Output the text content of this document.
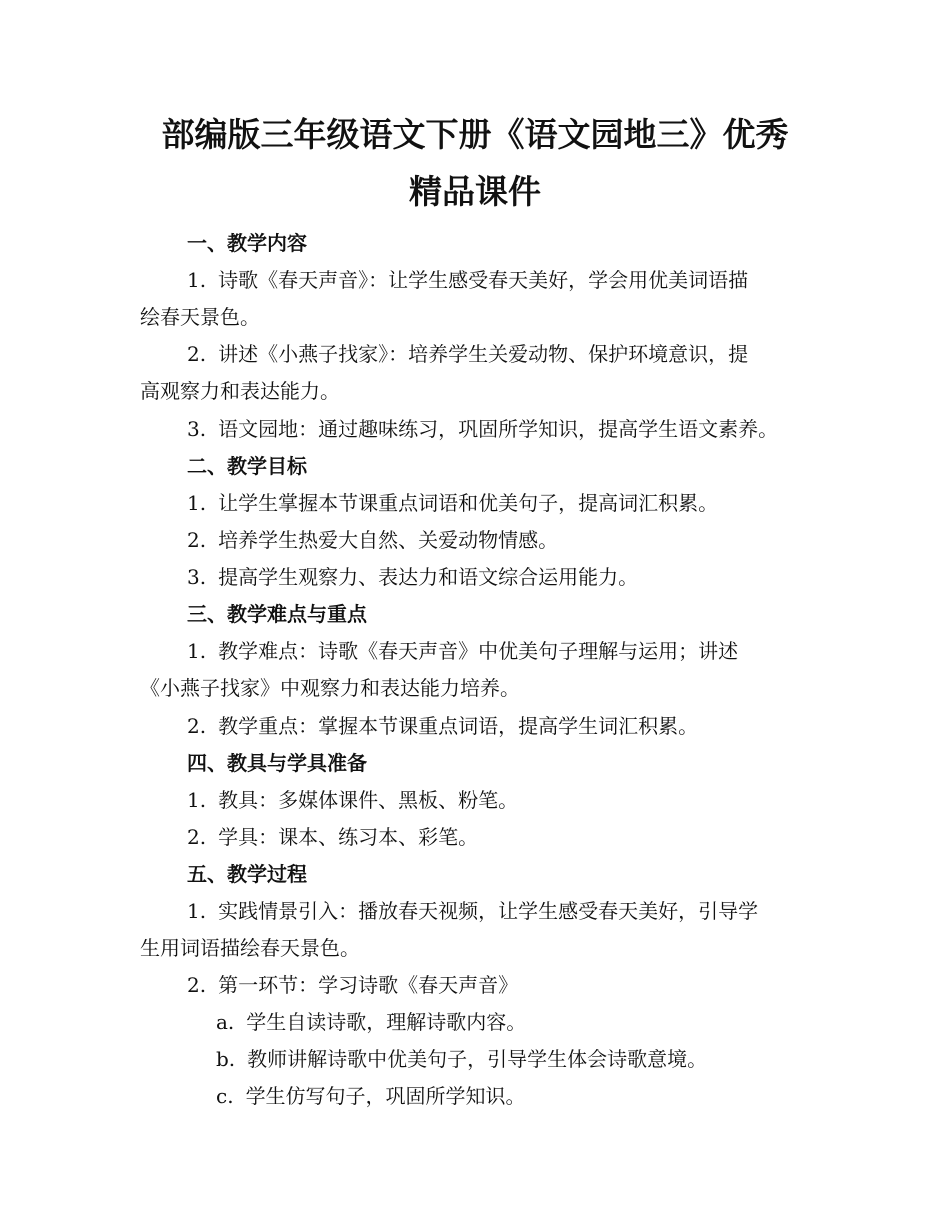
部编版三年级语文下册《语文园地三》优秀
精品课件

一、教学内容

1. 诗歌《春天声音》：让学生感受春天美好，学会用优美词语描

绘春天景色。

2. 讲述《小燕子找家》：培养学生关爱动物、保护环境意识，提

高观察力和表达能力。

3. 语文园地：通过趣味练习，巩固所学知识，提高学生语文素养。

二、教学目标

1. 让学生掌握本节课重点词语和优美句子，提高词汇积累。

2. 培养学生热爱大自然、关爱动物情感。

3. 提高学生观察力、表达力和语文综合运用能力。

三、教学难点与重点

1. 教学难点：诗歌《春天声音》中优美句子理解与运用；讲述

《小燕子找家》中观察力和表达能力培养。

2. 教学重点：掌握本节课重点词语，提高学生词汇积累。

四、教具与学具准备

1. 教具：多媒体课件、黑板、粉笔。

2. 学具：课本、练习本、彩笔。

五、教学过程

1. 实践情景引入：播放春天视频，让学生感受春天美好，引导学

生用词语描绘春天景色。

2. 第一环节：学习诗歌《春天声音》

a. 学生自读诗歌，理解诗歌内容。

b. 教师讲解诗歌中优美句子，引导学生体会诗歌意境。

c. 学生仿写句子，巩固所学知识。
